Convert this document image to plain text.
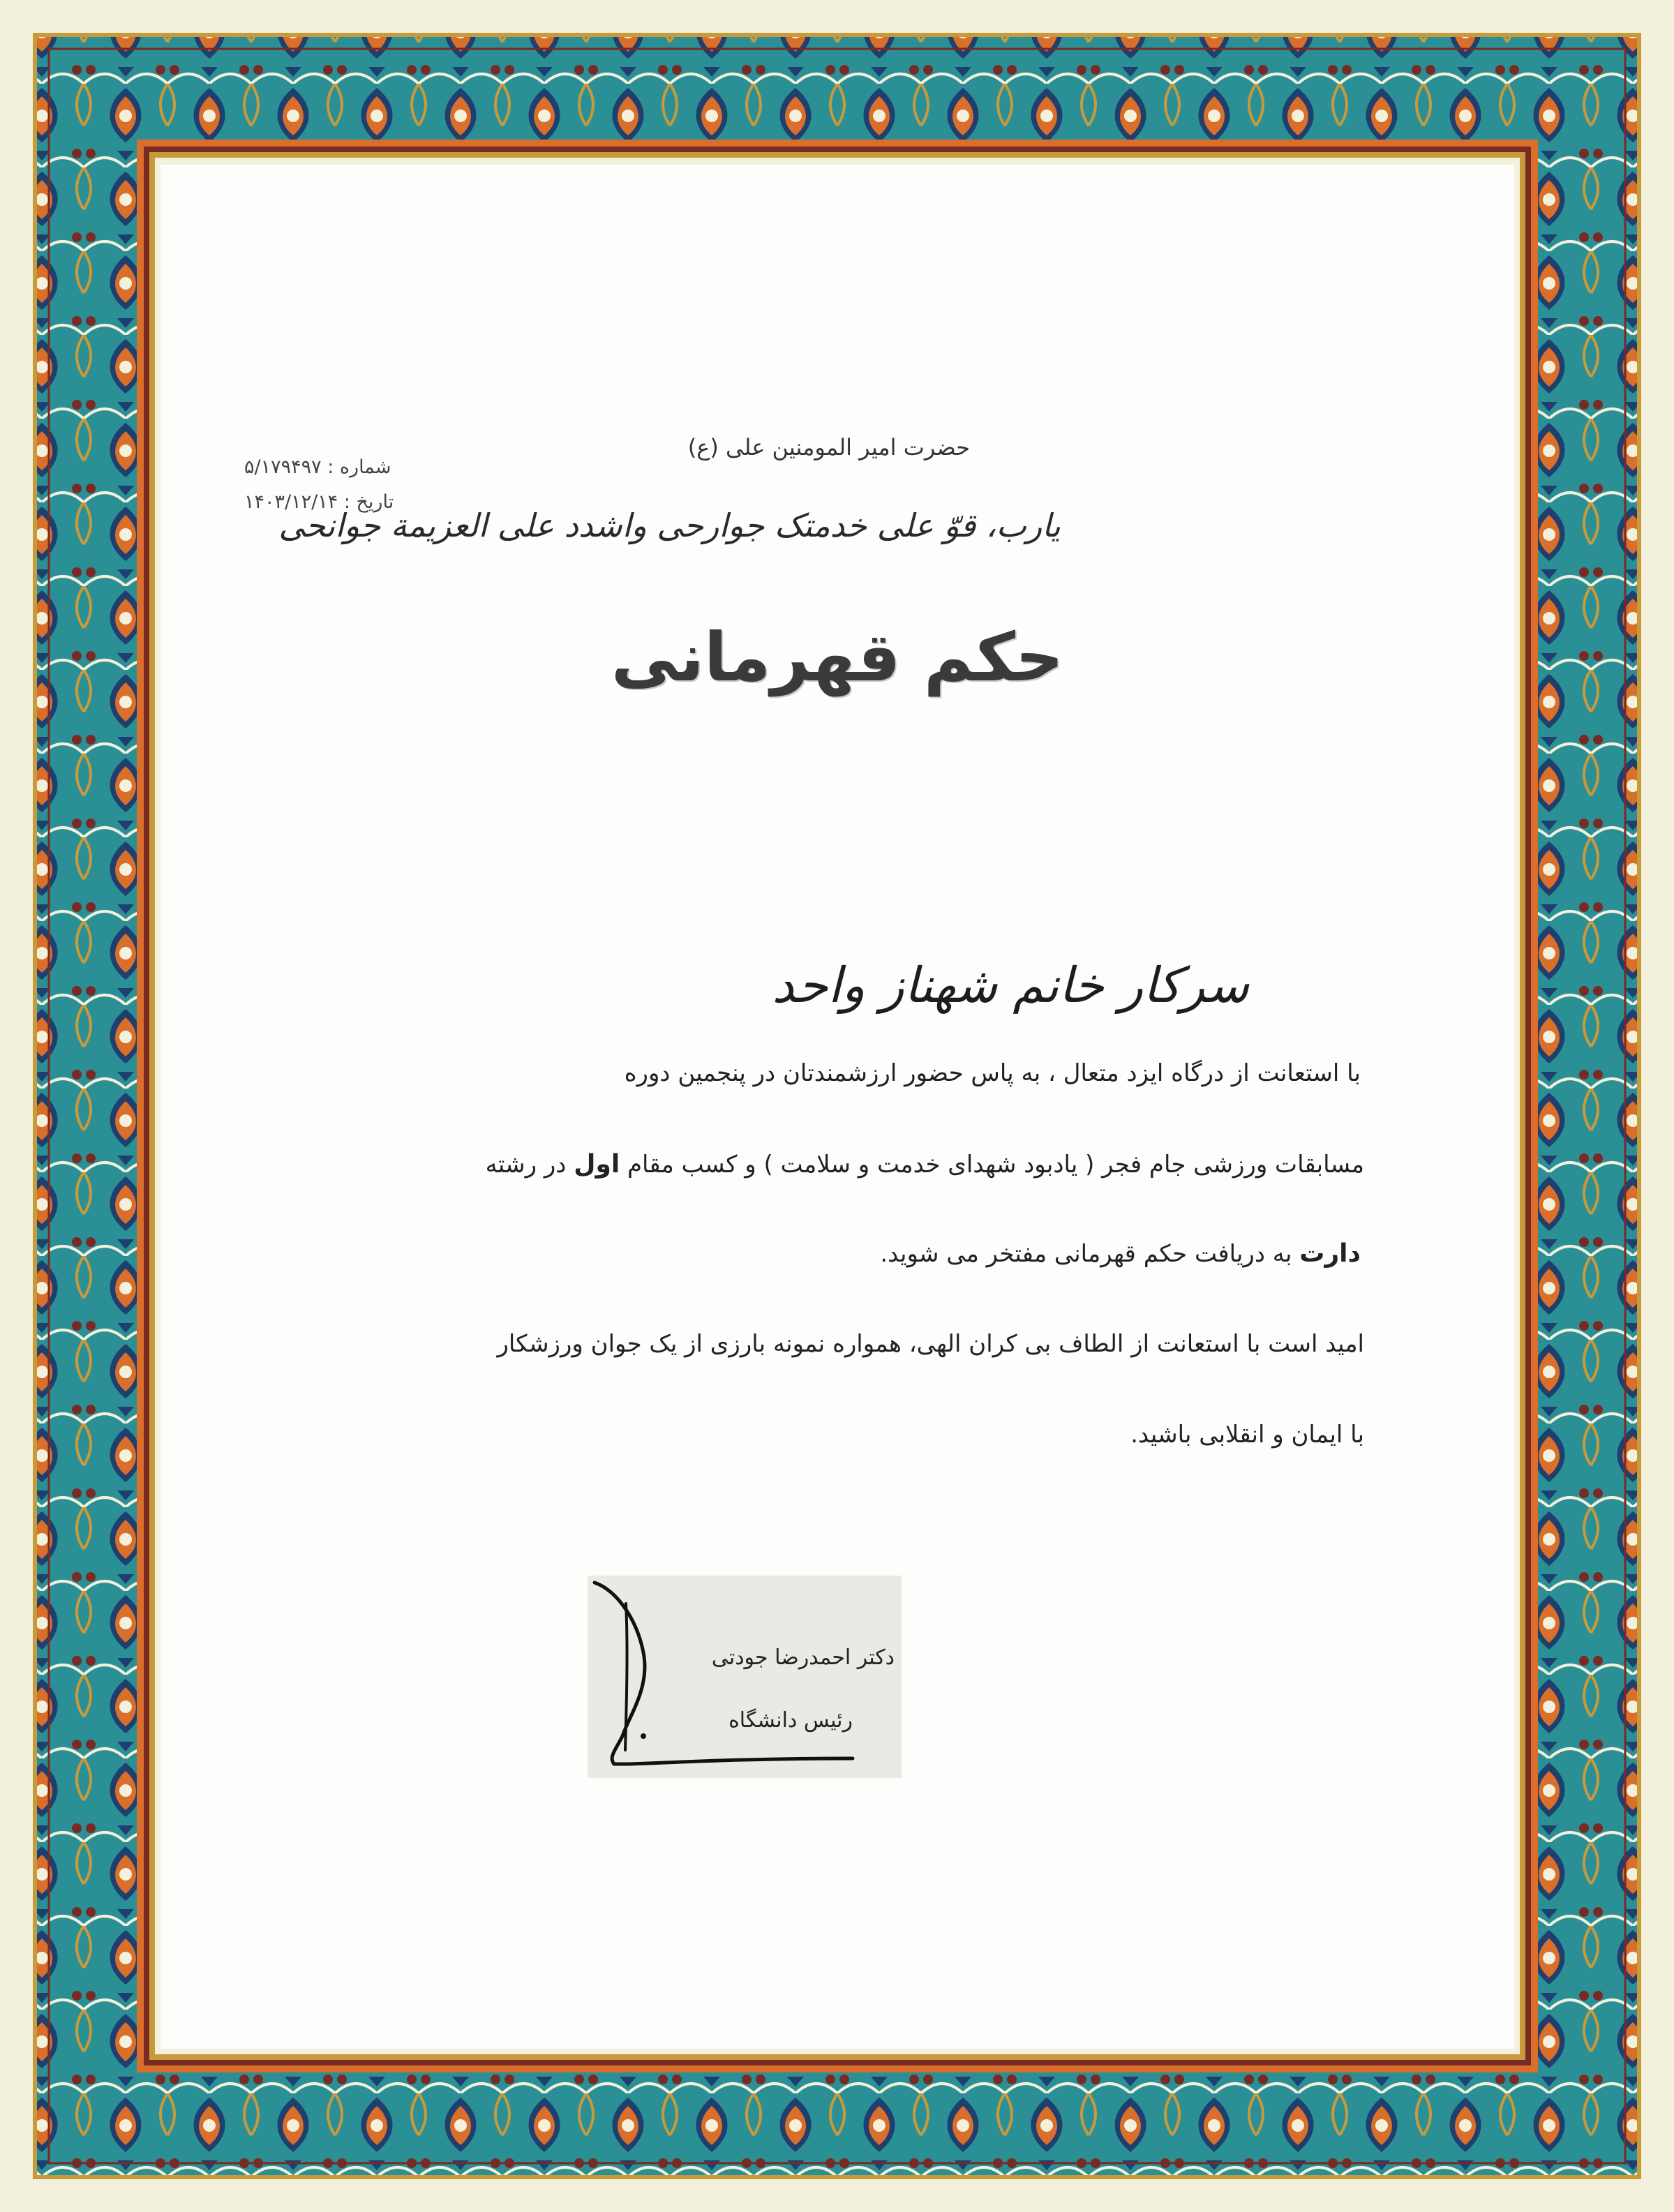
حضرت امیر المومنین علی (ع)
یارب، قوّ علی خدمتک جوارحی واشدد علی العزیمة جوانحی
شماره : ۵/۱۷۹۴۹۷
تاریخ : ۱۴۰۳/۱۲/۱۴
حکم قهرمانی
سرکار خانم شهناز واحد
با استعانت از درگاه ایزد متعال ، به پاس حضور ارزشمندتان در پنجمین دوره
مسابقات ورزشی جام فجر ( یادبود شهدای خدمت و سلامت ) و کسب مقام اول در رشته
دارت به دریافت حکم قهرمانی مفتخر می شوید.
امید است با استعانت از الطاف بی کران الهی، همواره نمونه بارزی از یک جوان ورزشکار
با ایمان و انقلابی باشید.
دکتر احمدرضا جودتی
رئیس دانشگاه
